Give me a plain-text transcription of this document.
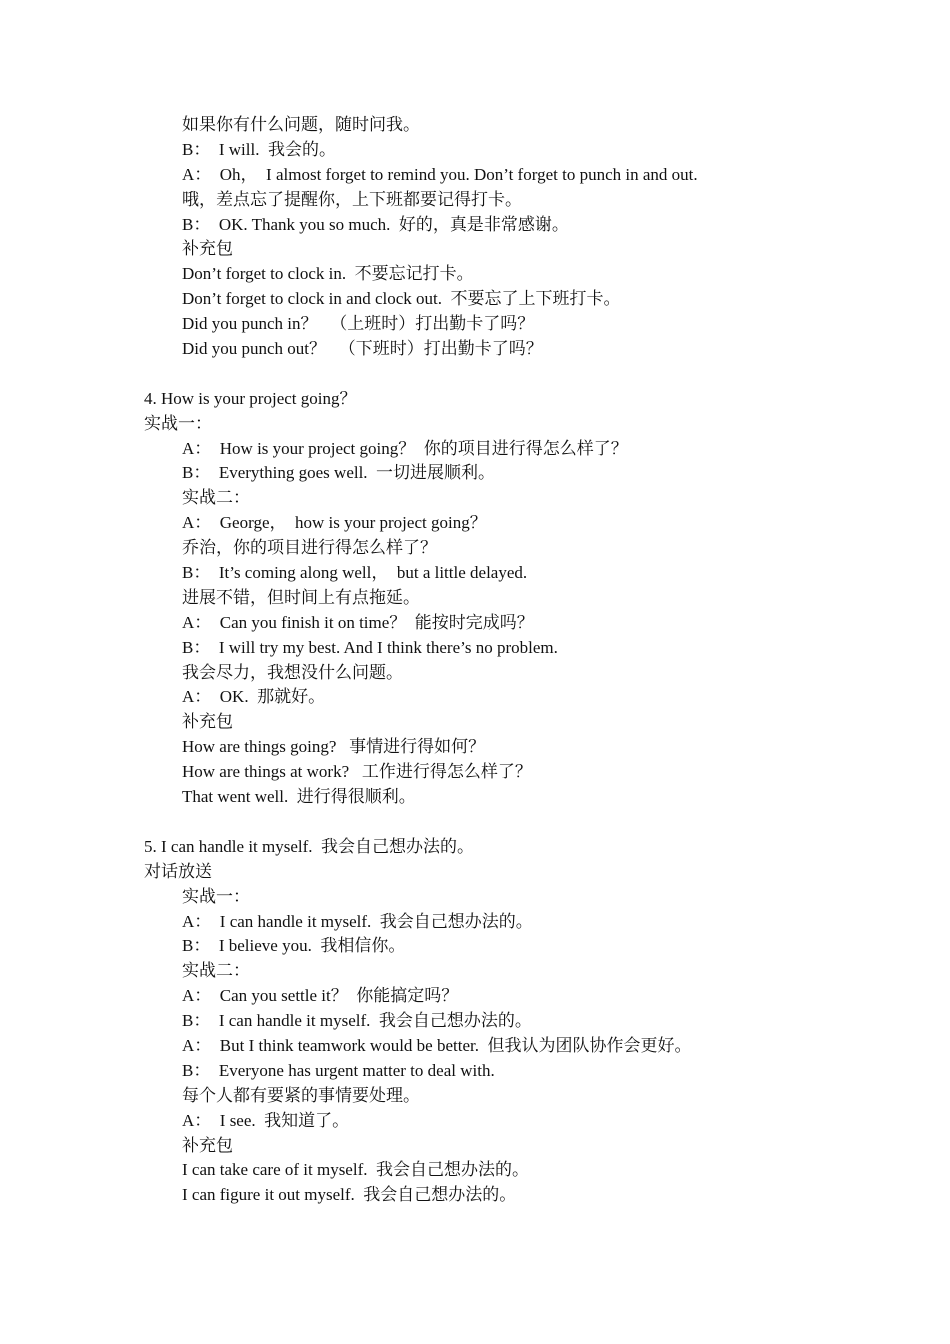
如果你有什么问题，随时问我。
B：  I will.  我会的。
A：  Oh，  I almost forget to remind you. Don’t forget to punch in and out.
哦，差点忘了提醒你，上下班都要记得打卡。
B：  OK. Thank you so much.  好的，真是非常感谢。
补充包
Don’t forget to clock in.  不要忘记打卡。
Don’t forget to clock in and clock out.  不要忘了上下班打卡。
Did you punch in？   （上班时）打出勤卡了吗？
Did you punch out？   （下班时）打出勤卡了吗？
4. How is your project going？
实战一：
A：  How is your project going？  你的项目进行得怎么样了？
B：  Everything goes well.  一切进展顺利。
实战二：
A：  George，  how is your project going？
乔治，你的项目进行得怎么样了？
B：  It’s coming along well，  but a little delayed.
进展不错，但时间上有点拖延。
A：  Can you finish it on time？  能按时完成吗？
B：  I will try my best. And I think there’s no problem.
我会尽力，我想没什么问题。
A：  OK.  那就好。
补充包
How are things going?   事情进行得如何？
How are things at work?   工作进行得怎么样了？
That went well.  进行得很顺利。
5. I can handle it myself.  我会自己想办法的。
对话放送
实战一：
A：  I can handle it myself.  我会自己想办法的。
B：  I believe you.  我相信你。
实战二：
A：  Can you settle it？  你能搞定吗？
B：  I can handle it myself.  我会自己想办法的。
A：  But I think teamwork would be better.  但我认为团队协作会更好。
B：  Everyone has urgent matter to deal with.
每个人都有要紧的事情要处理。
A：  I see.  我知道了。
补充包
I can take care of it myself.  我会自己想办法的。
I can figure it out myself.  我会自己想办法的。
